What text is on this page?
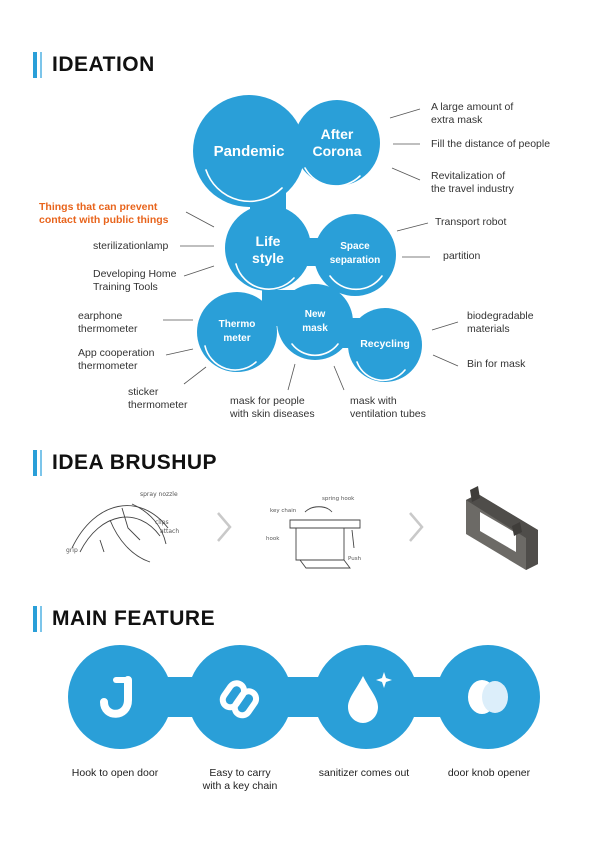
IDEATION
IDEA BRUSHUP
MAIN FEATURE
Pandemic
After
Corona
Life
style
Space
separation
Thermo
meter
New
mask
Recycling
A large amount of
extra mask
Fill the distance of people
Revitalization of
the travel industry
Things that can prevent
contact with public things
sterilizationlamp
Developing Home
Training Tools
Transport robot
partition
earphone
thermometer
App cooperation
thermometer
sticker
thermometer	mask for people
with skin diseases
mask with
ventilation tubes
biodegradable
materials
Bin for mask
spray nozzle
clips
attach
grip
key chain
spring hook
hook
Push
Hook to open door	Easy to carry
with a key chain
sanitizer comes out	door knob opener
